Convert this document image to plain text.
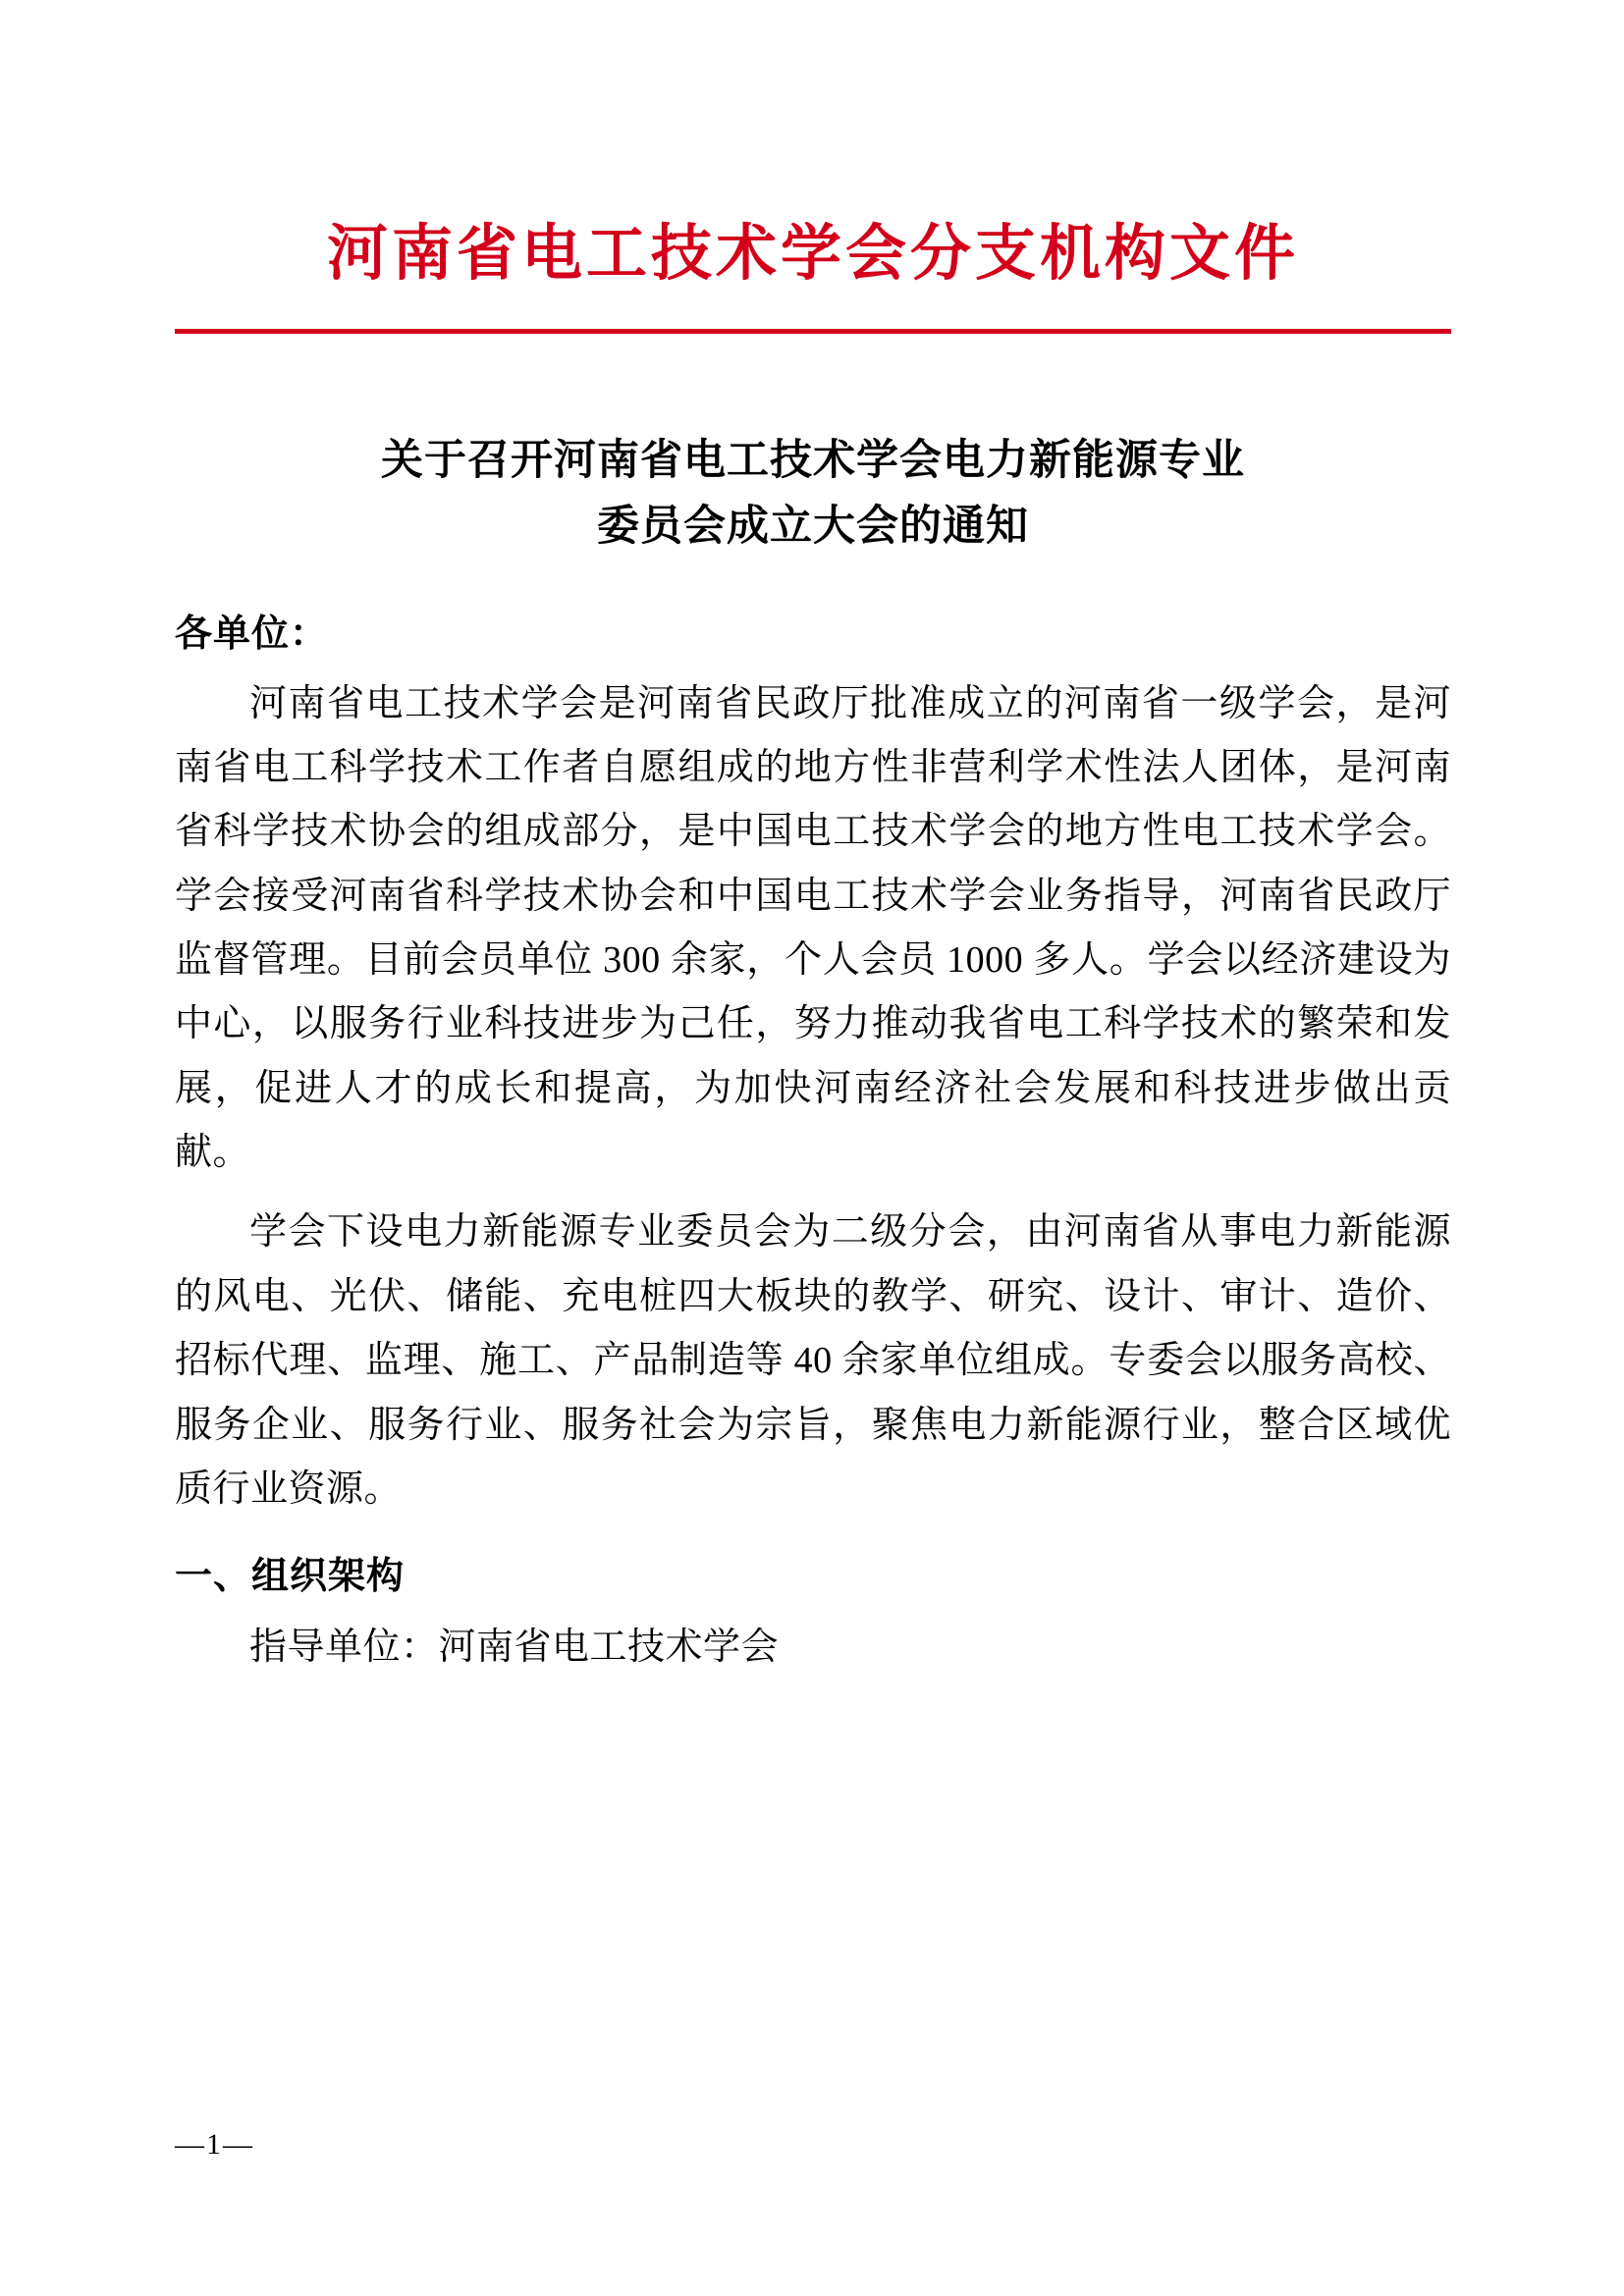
河南省电工技术学会分支机构文件
关于召开河南省电工技术学会电力新能源专业
委员会成立大会的通知
各单位：

河南省电工技术学会是河南省民政厅批准成立的河南省一级学会，是河南省电工科学技术工作者自愿组成的地方性非营利学术性法人团体，是河南省科学技术协会的组成部分，是中国电工技术学会的地方性电工技术学会。学会接受河南省科学技术协会和中国电工技术学会业务指导，河南省民政厅监督管理。目前会员单位 300 余家，个人会员 1000 多人。学会以经济建设为中心，以服务行业科技进步为己任，努力推动我省电工科学技术的繁荣和发展，促进人才的成长和提高，为加快河南经济社会发展和科技进步做出贡献。

学会下设电力新能源专业委员会为二级分会，由河南省从事电力新能源的风电、光伏、储能、充电桩四大板块的教学、研究、设计、审计、造价、招标代理、监理、施工、产品制造等 40 余家单位组成。专委会以服务高校、服务企业、服务行业、服务社会为宗旨，聚焦电力新能源行业，整合区域优质行业资源。

一、组织架构
指导单位：河南省电工技术学会
—1—
